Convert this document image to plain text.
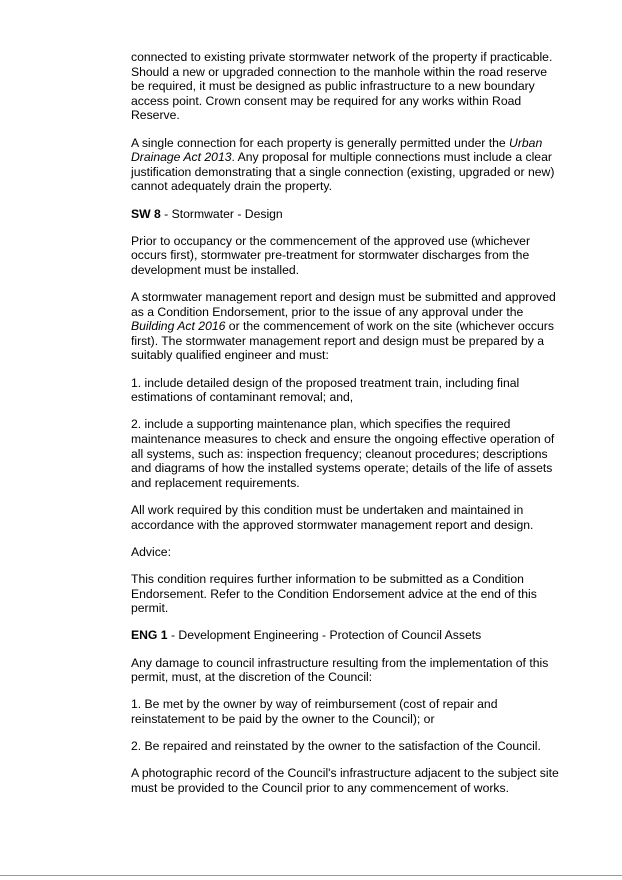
connected to existing private stormwater network of the property if practicable. Should a new or upgraded connection to the manhole within the road reserve be required, it must be designed as public infrastructure to a new boundary access point. Crown consent may be required for any works within Road Reserve.

A single connection for each property is generally permitted under the Urban Drainage Act 2013. Any proposal for multiple connections must include a clear justification demonstrating that a single connection (existing, upgraded or new) cannot adequately drain the property.

SW 8 - Stormwater - Design

Prior to occupancy or the commencement of the approved use (whichever occurs first), stormwater pre-treatment for stormwater discharges from the development must be installed.

A stormwater management report and design must be submitted and approved as a Condition Endorsement, prior to the issue of any approval under the Building Act 2016 or the commencement of work on the site (whichever occurs first). The stormwater management report and design must be prepared by a suitably qualified engineer and must:

1. include detailed design of the proposed treatment train, including final estimations of contaminant removal; and,

2. include a supporting maintenance plan, which specifies the required maintenance measures to check and ensure the ongoing effective operation of all systems, such as: inspection frequency; cleanout procedures; descriptions and diagrams of how the installed systems operate; details of the life of assets and replacement requirements.

All work required by this condition must be undertaken and maintained in accordance with the approved stormwater management report and design.

Advice:

This condition requires further information to be submitted as a Condition Endorsement. Refer to the Condition Endorsement advice at the end of this permit.

ENG 1 - Development Engineering - Protection of Council Assets

Any damage to council infrastructure resulting from the implementation of this permit, must, at the discretion of the Council:

1. Be met by the owner by way of reimbursement (cost of repair and reinstatement to be paid by the owner to the Council); or

2. Be repaired and reinstated by the owner to the satisfaction of the Council.

A photographic record of the Council's infrastructure adjacent to the subject site must be provided to the Council prior to any commencement of works.
